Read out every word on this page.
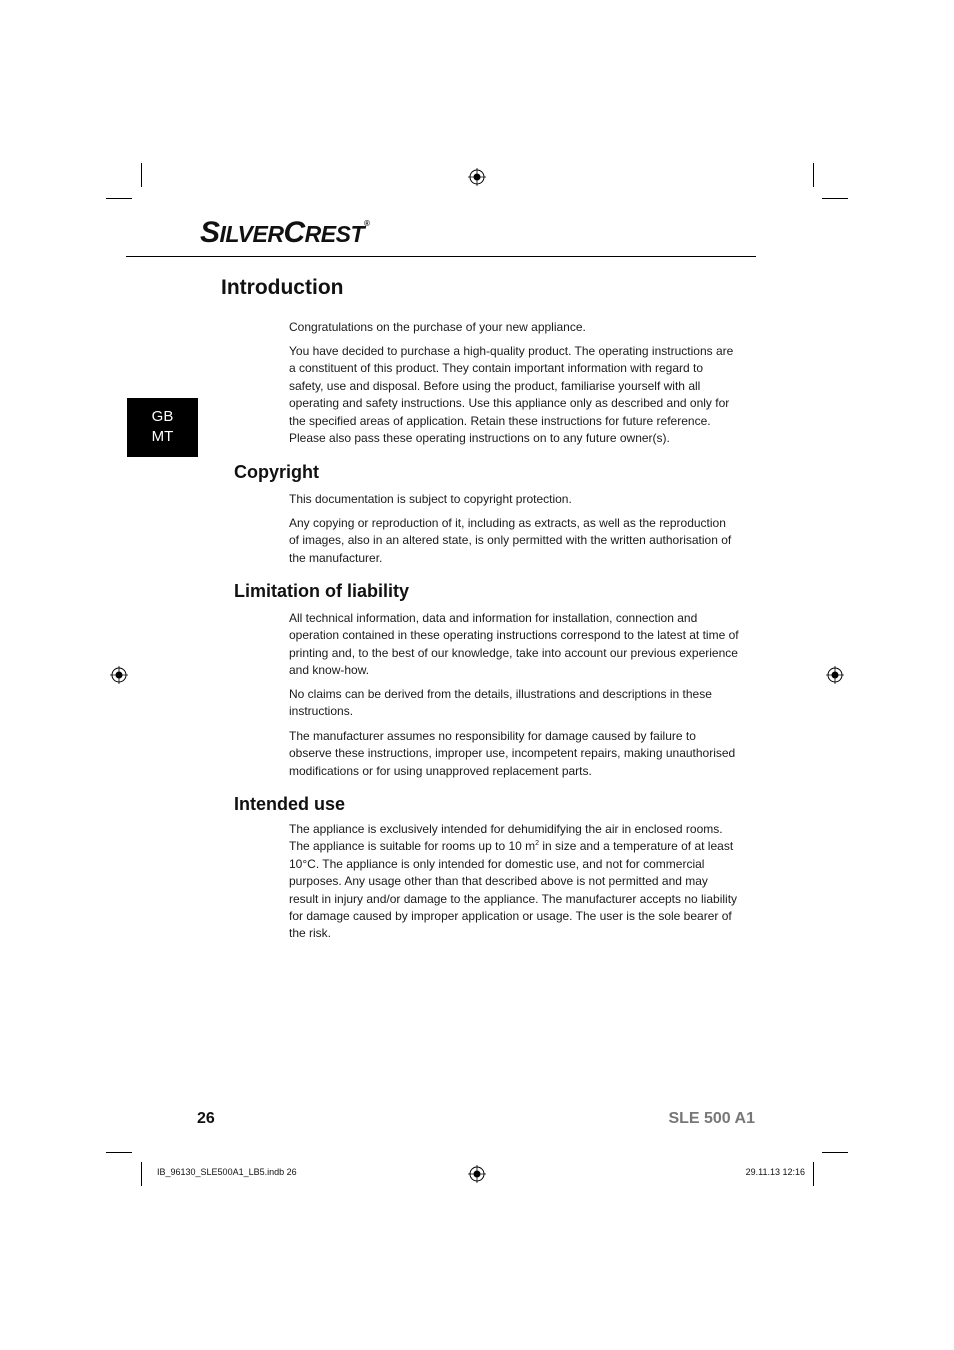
SILVERCREST®
GB
MT
Introduction

Congratulations on the purchase of your new appliance.

You have decided to purchase a high-quality product. The operating instructions are a constituent of this product. They contain important information with regard to safety, use and disposal. Before using the product, familiarise yourself with all operating and safety instructions. Use this appliance only as described and only for the specified areas of application. Retain these instructions for future reference. Please also pass these operating instructions on to any future owner(s).

Copyright

This documentation is subject to copyright protection.

Any copying or reproduction of it, including as extracts, as well as the reproduction of images, also in an altered state, is only permitted with the written authorisation of the manufacturer.

Limitation of liability

All technical information, data and information for installation, connection and operation contained in these operating instructions correspond to the latest at time of printing and, to the best of our knowledge, take into account our previous experience and know-how.

No claims can be derived from the details, illustrations and descriptions in these instructions.

The manufacturer assumes no responsibility for damage caused by failure to observe these instructions, improper use, incompetent repairs, making unauthorised modifications or for using unapproved replacement parts.

Intended use

The appliance is exclusively intended for dehumidifying the air in enclosed rooms. The appliance is suitable for rooms up to 10 $m^2$ in size and a temperature of at least 10°C. The appliance is only intended for domestic use, and not for commercial purposes. Any usage other than that described above is not permitted and may result in injury and/or damage to the appliance. The manufacturer accepts no liability for damage caused by improper application or usage. The user is the sole bearer of the risk.

26	SLE 500 A1
IB_96130_SLE500A1_LB5.indb 26	29.11.13 12:16
